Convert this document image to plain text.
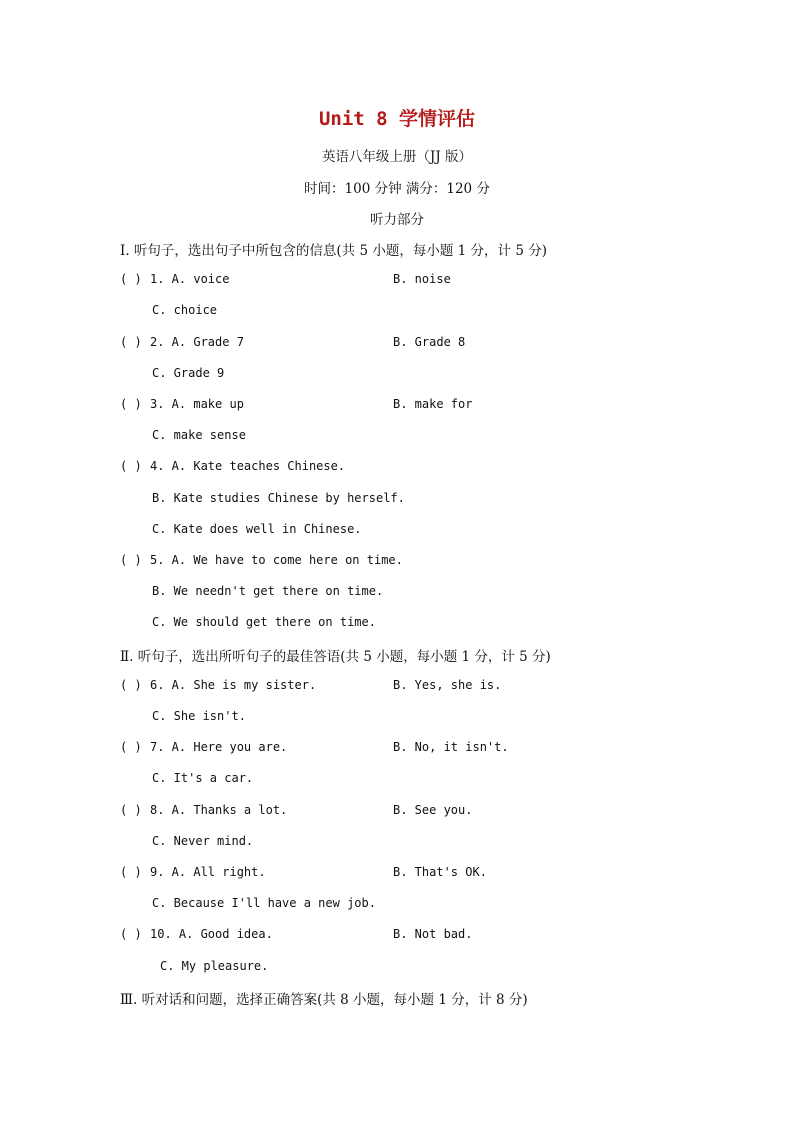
Unit 8 学情评估
英语八年级上册（JJ 版）
时间：100 分钟 满分：120 分
听力部分
Ⅰ. 听句子，选出句子中所包含的信息(共 5 小题，每小题 1 分，计 5 分)
( ) 1. A. voice	B. noise
C. choice
( ) 2. A. Grade 7	B. Grade 8
C. Grade 9
( ) 3. A. make up	B. make for
C. make sense
( ) 4. A. Kate teaches Chinese.
B. Kate studies Chinese by herself.
C. Kate does well in Chinese.
( ) 5. A. We have to come here on time.
B. We needn't get there on time.
C. We should get there on time.
Ⅱ. 听句子，选出所听句子的最佳答语(共 5 小题，每小题 1 分，计 5 分)
( ) 6. A. She is my sister.	B. Yes, she is.
C. She isn't.
( ) 7. A. Here you are.	B. No, it isn't.
C. It's a car.
( ) 8. A. Thanks a lot.	B. See you.
C. Never mind.
( ) 9. A. All right.	B. That's OK.
C. Because I'll have a new job.
( ) 10. A. Good idea.	B. Not bad.
C. My pleasure.
Ⅲ. 听对话和问题，选择正确答案(共 8 小题，每小题 1 分，计 8 分)
